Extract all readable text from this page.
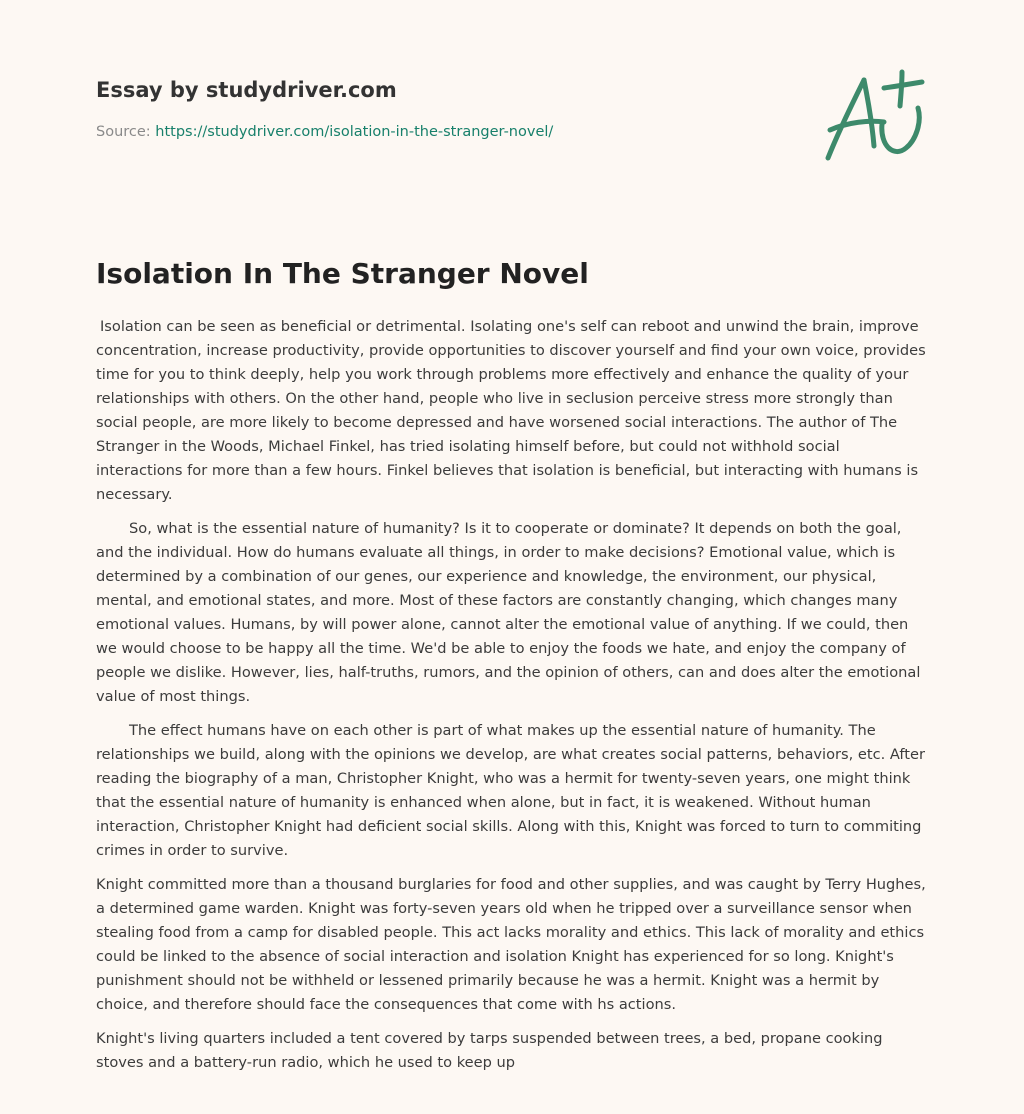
Essay by studydriver.com
Source: https://studydriver.com/isolation-in-the-stranger-novel/
Isolation In The Stranger Novel

Isolation can be seen as beneficial or detrimental. Isolating one's self can reboot and unwind the brain, improve concentration, increase productivity, provide opportunities to discover yourself and find your own voice, provides time for you to think deeply, help you work through problems more effectively and enhance the quality of your relationships with others. On the other hand, people who live in seclusion perceive stress more strongly than social people, are more likely to become depressed and have worsened social interactions. The author of The Stranger in the Woods, Michael Finkel, has tried isolating himself before, but could not withhold social interactions for more than a few hours. Finkel believes that isolation is beneficial, but interacting with humans is necessary.

So, what is the essential nature of humanity? Is it to cooperate or dominate? It depends on both the goal, and the individual. How do humans evaluate all things, in order to make decisions? Emotional value, which is determined by a combination of our genes, our experience and knowledge, the environment, our physical, mental, and emotional states, and more. Most of these factors are constantly changing, which changes many emotional values. Humans, by will power alone, cannot alter the emotional value of anything. If we could, then we would choose to be happy all the time. We'd be able to enjoy the foods we hate, and enjoy the company of people we dislike. However, lies, half-truths, rumors, and the opinion of others, can and does alter the emotional value of most things.

The effect humans have on each other is part of what makes up the essential nature of humanity. The relationships we build, along with the opinions we develop, are what creates social patterns, behaviors, etc. After reading the biography of a man, Christopher Knight, who was a hermit for twenty-seven years, one might think that the essential nature of humanity is enhanced when alone, but in fact, it is weakened. Without human interaction, Christopher Knight had deficient social skills. Along with this, Knight was forced to turn to commiting crimes in order to survive.

Knight committed more than a thousand burglaries for food and other supplies, and was caught by Terry Hughes, a determined game warden. Knight was forty-seven years old when he tripped over a surveillance sensor when stealing food from a camp for disabled people. This act lacks morality and ethics. This lack of morality and ethics could be linked to the absence of social interaction and isolation Knight has experienced for so long. Knight's punishment should not be withheld or lessened primarily because he was a hermit. Knight was a hermit by choice, and therefore should face the consequences that come with hs actions.

Knight's living quarters included a tent covered by tarps suspended between trees, a bed, propane cooking stoves and a battery-run radio, which he used to keep up
